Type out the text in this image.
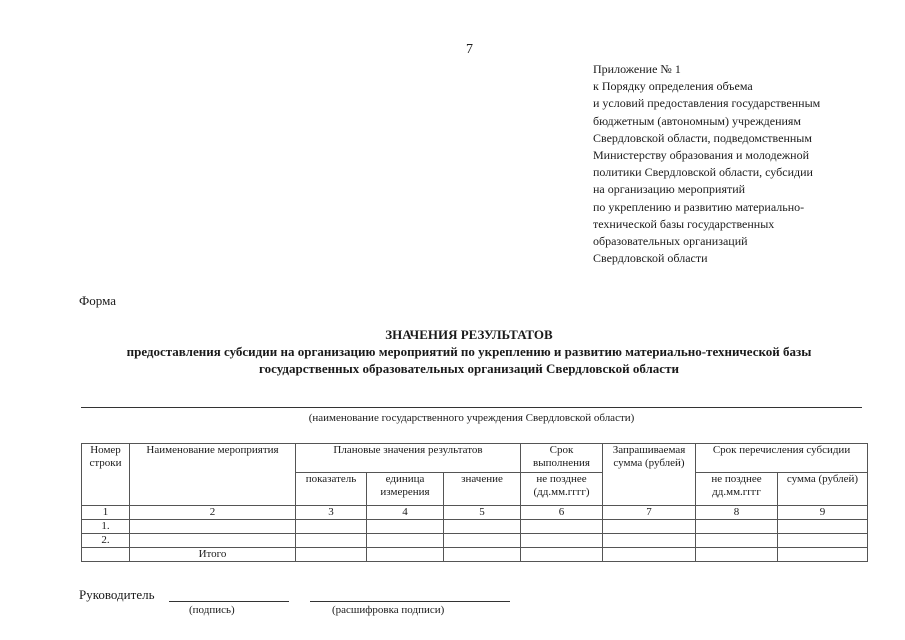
7
Приложение № 1
к Порядку определения объема
и условий предоставления государственным
бюджетным (автономным) учреждениям
Свердловской области, подведомственным
Министерству образования и молодежной
политики Свердловской области, субсидии
на организацию мероприятий
по укреплению и развитию материально-
технической базы государственных
образовательных организаций
Свердловской области
Форма
ЗНАЧЕНИЯ РЕЗУЛЬТАТОВ
предоставления субсидии на организацию мероприятий по укреплению и развитию материально-технической базы
государственных образовательных организаций Свердловской области
(наименование государственного учреждения Свердловской области)
Номер строки	Наименование мероприятия	Плановые значения результатов			Срок выполнения	Запрашиваемая сумма (рублей)	Срок перечисления субсидии	
		показатель	единица измерения	значение	не позднее (дд.мм.гггг)		не позднее дд.мм.гггг	сумма (рублей)
1	2	3	4	5	6	7	8	9
1.								
2.								
	Итого							
Руководитель
(подпись)	(расшифровка подписи)
